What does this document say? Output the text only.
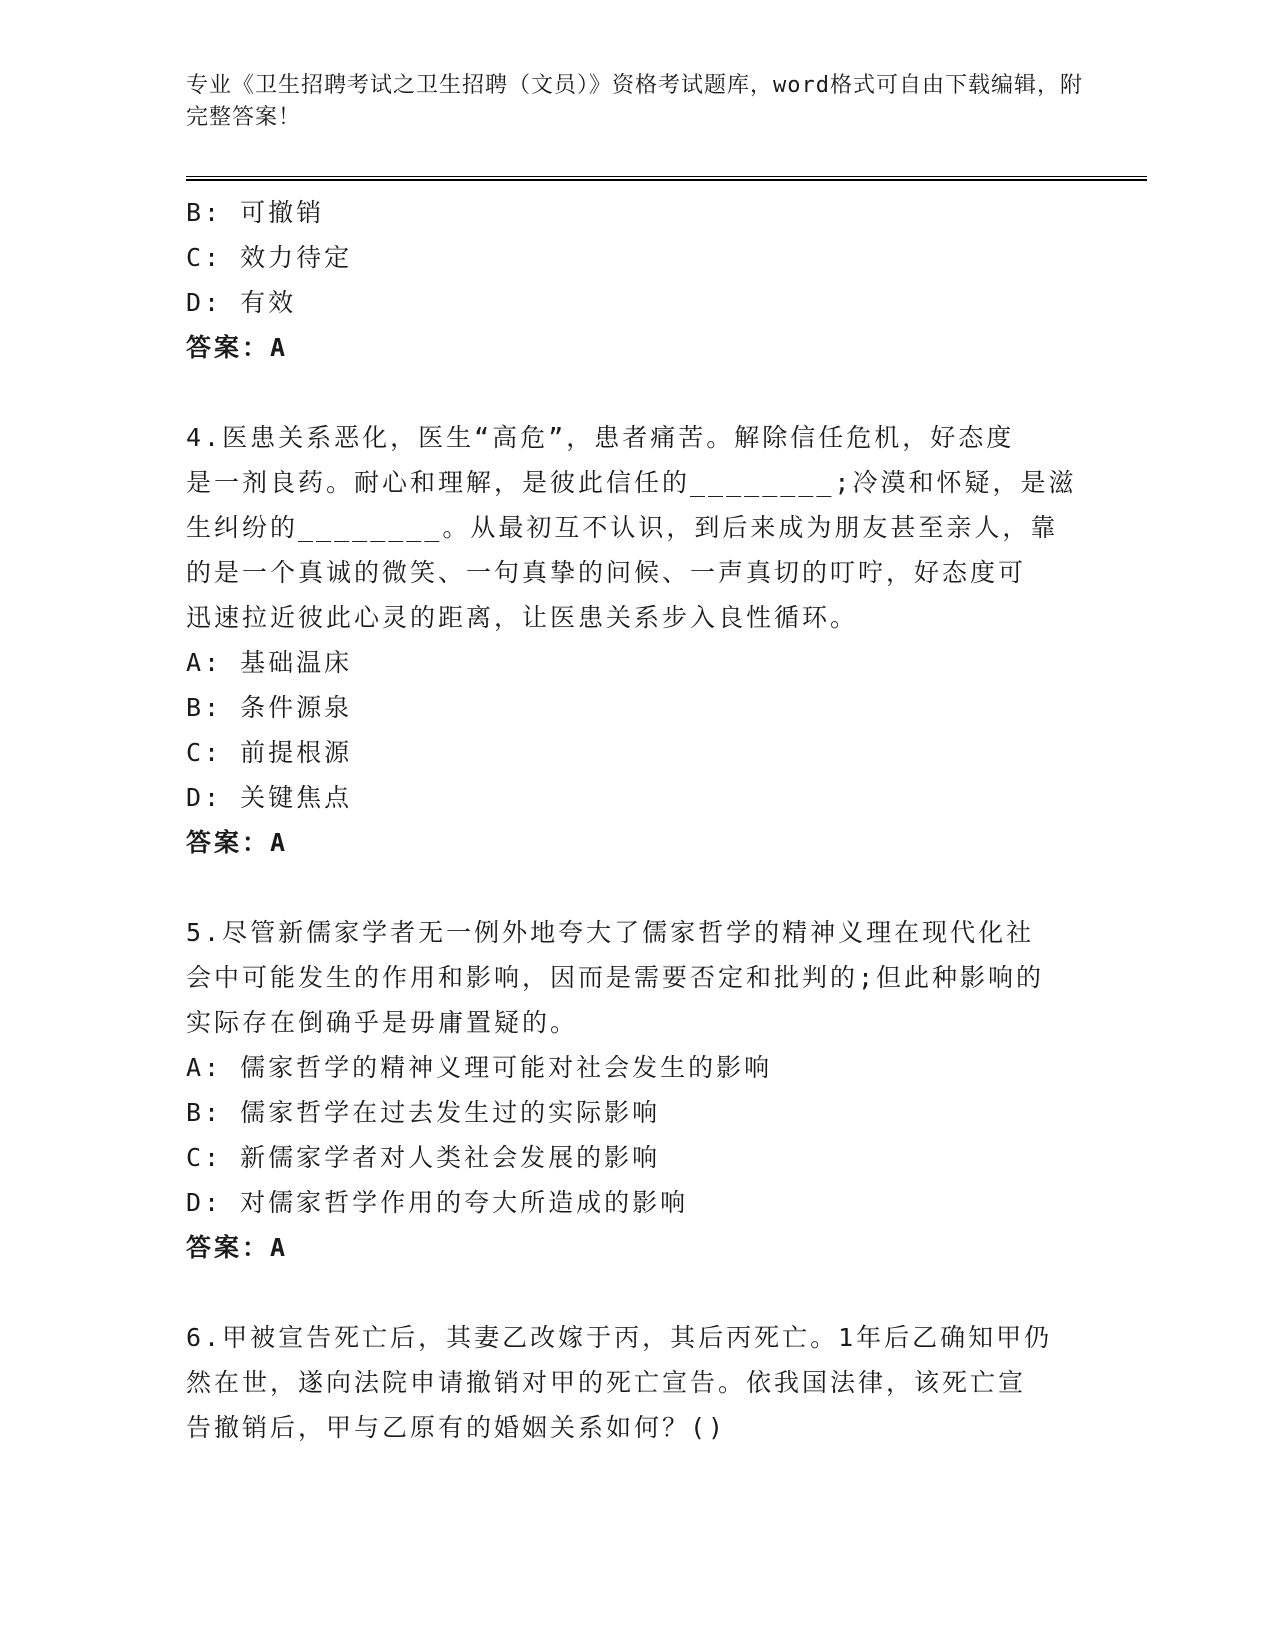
专业《卫生招聘考试之卫生招聘（文员）》资格考试题库，word格式可自由下载编辑，附完整答案！
B: 可撤销
C: 效力待定
D: 有效
答案：A
4.医患关系恶化，医生“高危”，患者痛苦。解除信任危机，好态度
是一剂良药。耐心和理解，是彼此信任的________;冷漠和怀疑，是滋
生纠纷的________。从最初互不认识，到后来成为朋友甚至亲人，靠
的是一个真诚的微笑、一句真挚的问候、一声真切的叮咛，好态度可
迅速拉近彼此心灵的距离，让医患关系步入良性循环。
A: 基础温床
B: 条件源泉
C: 前提根源
D: 关键焦点
答案：A
5.尽管新儒家学者无一例外地夸大了儒家哲学的精神义理在现代化社
会中可能发生的作用和影响，因而是需要否定和批判的;但此种影响的
实际存在倒确乎是毋庸置疑的。
A: 儒家哲学的精神义理可能对社会发生的影响
B: 儒家哲学在过去发生过的实际影响
C: 新儒家学者对人类社会发展的影响
D: 对儒家哲学作用的夸大所造成的影响
答案：A
6.甲被宣告死亡后，其妻乙改嫁于丙，其后丙死亡。1年后乙确知甲仍
然在世，遂向法院申请撤销对甲的死亡宣告。依我国法律，该死亡宣
告撤销后，甲与乙原有的婚姻关系如何？()
